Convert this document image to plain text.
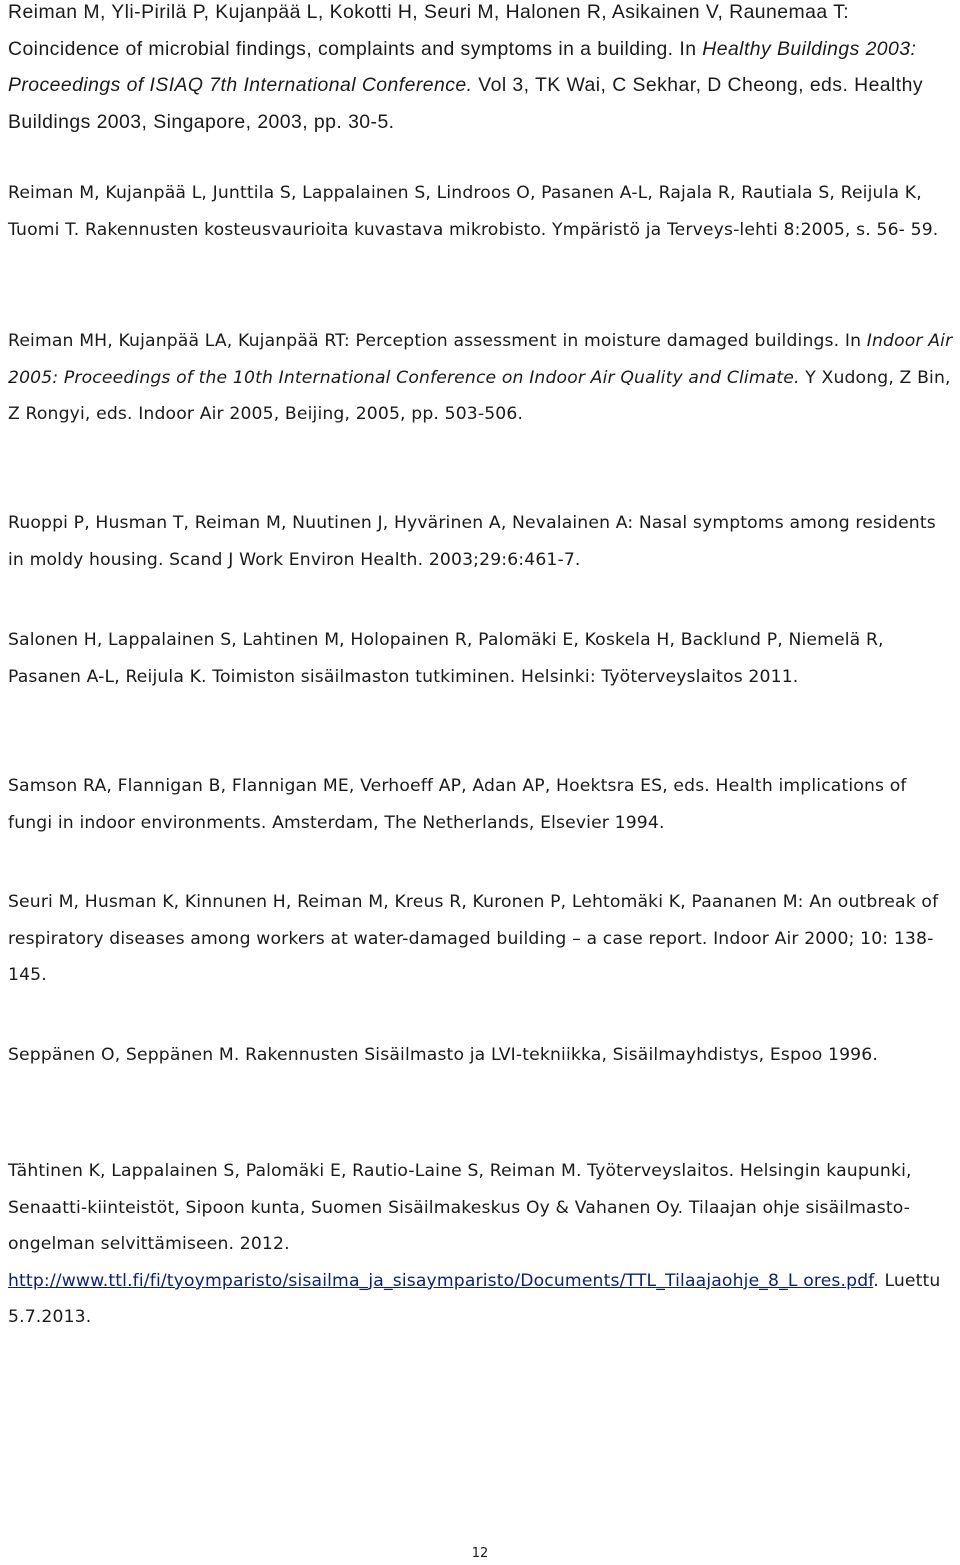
Reiman M, Yli-Pirilä P, Kujanpää L, Kokotti H, Seuri M, Halonen R, Asikainen V, Raunemaa T: Coincidence of microbial findings, complaints and symptoms in a building. In Healthy Buildings 2003: Proceedings of ISIAQ 7th International Conference. Vol 3, TK Wai, C Sekhar, D Cheong, eds. Healthy Buildings 2003, Singapore, 2003, pp. 30-5.

Reiman M, Kujanpää L, Junttila S, Lappalainen S, Lindroos O, Pasanen A-L, Rajala R, Rautiala S, Reijula K, Tuomi T. Rakennusten kosteusvaurioita kuvastava mikrobisto. Ympäristö ja Terveys-lehti 8:2005, s. 56- 59.

Reiman MH, Kujanpää LA, Kujanpää RT: Perception assessment in moisture damaged buildings. In Indoor Air 2005: Proceedings of the 10th International Conference on Indoor Air Quality and Climate. Y Xudong, Z Bin, Z Rongyi, eds. Indoor Air 2005, Beijing, 2005, pp. 503-506.

Ruoppi P, Husman T, Reiman M, Nuutinen J, Hyvärinen A, Nevalainen A: Nasal symptoms among residents in moldy housing. Scand J Work Environ Health. 2003;29:6:461-7.

Salonen H, Lappalainen S, Lahtinen M, Holopainen R, Palomäki E, Koskela H, Backlund P, Niemelä R, Pasanen A-L, Reijula K. Toimiston sisäilmaston tutkiminen. Helsinki: Työterveyslaitos 2011.

Samson RA, Flannigan B, Flannigan ME, Verhoeff AP, Adan AP, Hoektsra ES, eds. Health implications of fungi in indoor environments. Amsterdam, The Netherlands, Elsevier 1994.

Seuri M, Husman K, Kinnunen H, Reiman M, Kreus R, Kuronen P, Lehtomäki K, Paananen M: An outbreak of respiratory diseases among workers at water-damaged building – a case report. Indoor Air 2000; 10: 138-145.

Seppänen O, Seppänen M. Rakennusten Sisäilmasto ja LVI-tekniikka, Sisäilmayhdistys, Espoo 1996.

Tähtinen K, Lappalainen S, Palomäki E, Rautio-Laine S, Reiman M. Työterveyslaitos. Helsingin kaupunki, Senaatti-kiinteistöt, Sipoon kunta, Suomen Sisäilmakeskus Oy & Vahanen Oy. Tilaajan ohje sisäilmasto-ongelman selvittämiseen. 2012. http://www.ttl.fi/fi/tyoymparisto/sisailma_ja_sisaymparisto/Documents/TTL_Tilaajaohje_8_L ores.pdf. Luettu 5.7.2013.

12
